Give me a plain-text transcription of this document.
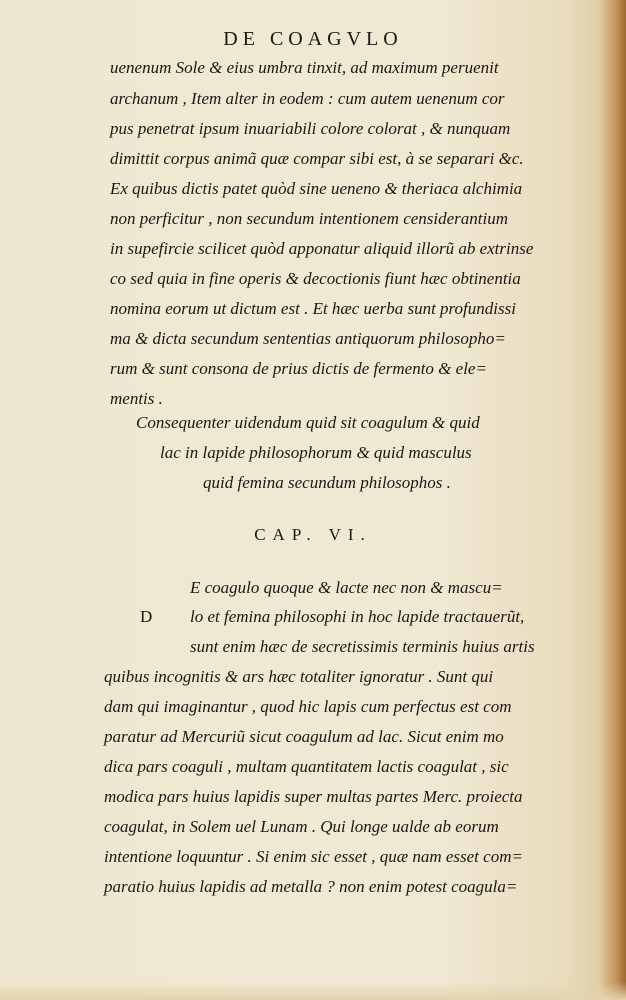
DE COAGVLO
uenenum Sole & eius umbra tinxit, ad maximum peruenit
archanum , Item alter in eodem : cum autem uenenum cor
pus penetrat ipsum inuariabili colore colorat , & nunquam
dimittit corpus animã quæ compar sibi est, à se separari &c.
Ex quibus dictis patet quòd sine ueneno & theriaca alchimia
non perficitur , non secundum intentionem censiderantium
in supefircie scilicet quòd apponatur aliquid illorũ ab extrinse
co sed quia in fine operis & decoctionis fiunt hæc obtinentia
nomina eorum ut dictum est . Et hæc uerba sunt profundissi
ma & dicta secundum sententias antiquorum philosopho=
rum & sunt consona de prius dictis de fermento & ele=
mentis .
Consequenter uidendum quid sit coagulum & quid
lac in lapide philosophorum & quid masculus
quid femina secundum philosophos .
CAP. VI.
D
E coagulo quoque & lacte nec non & mascu=
lo et femina philosophi in hoc lapide tractauerũt,
sunt enim hæc de secretissimis terminis huius artis
quibus incognitis & ars hæc totaliter ignoratur . Sunt qui
dam qui imaginantur , quod hic lapis cum perfectus est com
paratur ad Mercuriũ sicut coagulum ad lac. Sicut enim mo
dica pars coaguli , multam quantitatem lactis coagulat , sic
modica pars huius lapidis super multas partes Merc. proiecta
coagulat, in Solem uel Lunam . Qui longe ualde ab eorum
intentione loquuntur . Si enim sic esset , quæ nam esset com=
paratio huius lapidis ad metalla ? non enim potest coagula=
